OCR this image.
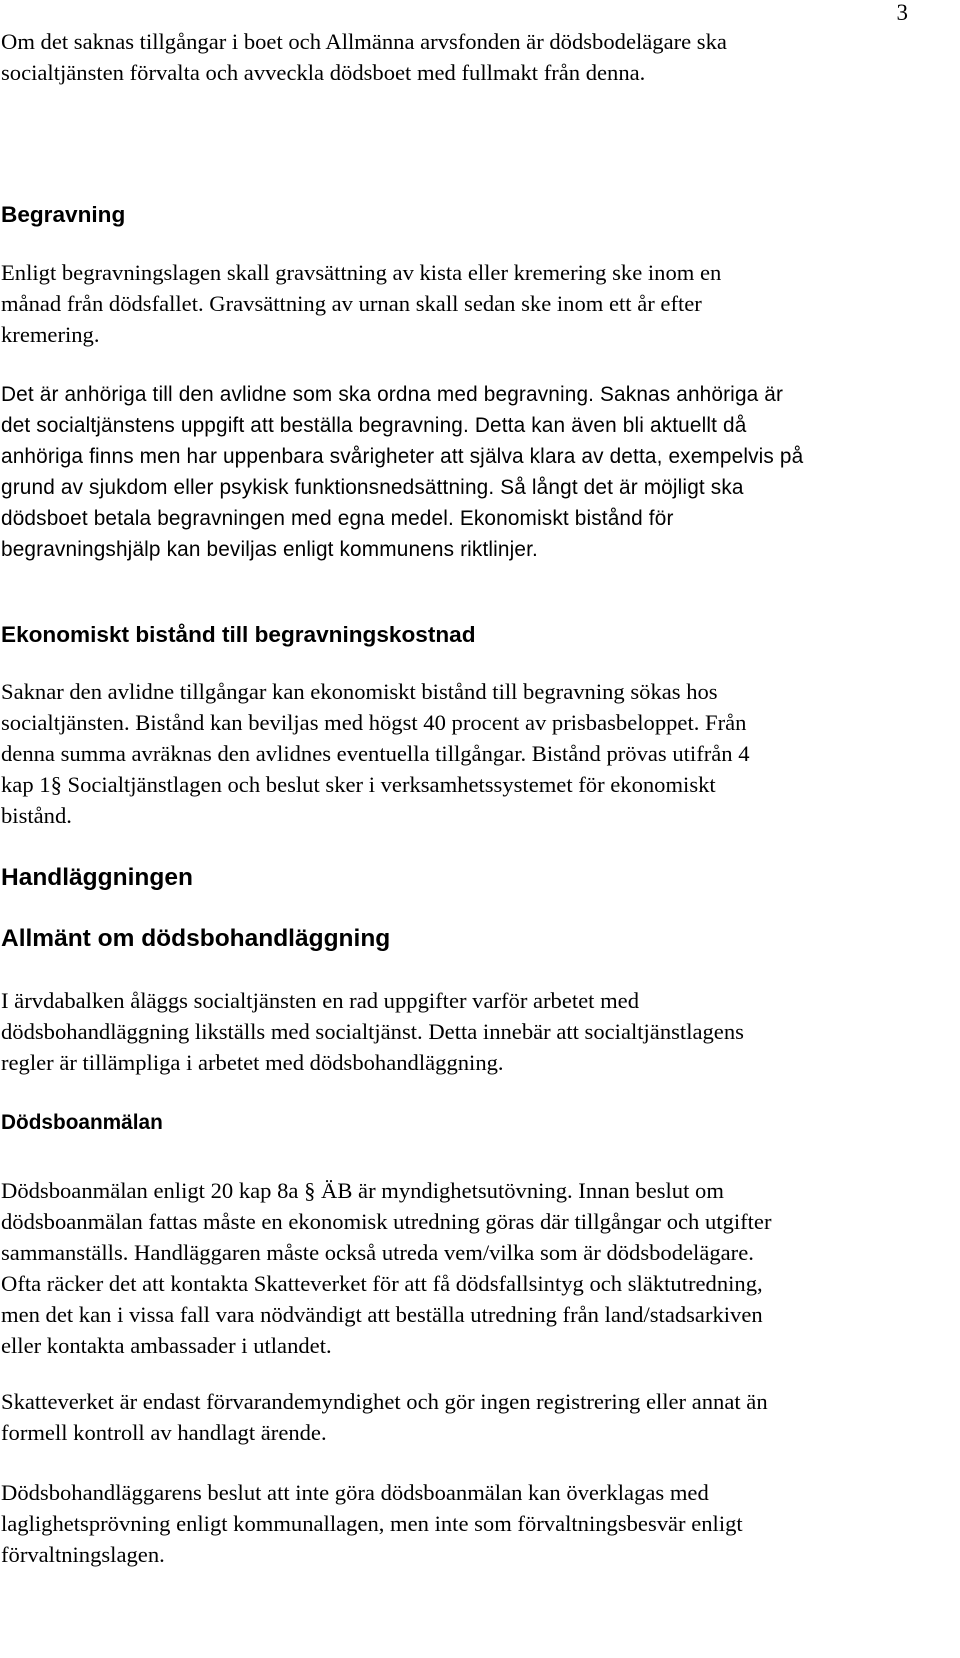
3
Om det saknas tillgångar i boet och Allmänna arvsfonden är dödsbodelägare ska
socialtjänsten förvalta och avveckla dödsboet med fullmakt från denna.
Begravning
Enligt begravningslagen skall gravsättning av kista eller kremering ske inom en
månad från dödsfallet. Gravsättning av urnan skall sedan ske inom ett år efter
kremering.
Det är anhöriga till den avlidne som ska ordna med begravning. Saknas anhöriga är
det socialtjänstens uppgift att beställa begravning. Detta kan även bli aktuellt då
anhöriga finns men har uppenbara svårigheter att själva klara av detta, exempelvis på
grund av sjukdom eller psykisk funktionsnedsättning. Så långt det är möjligt ska
dödsboet betala begravningen med egna medel. Ekonomiskt bistånd för
begravningshjälp kan beviljas enligt kommunens riktlinjer.
Ekonomiskt bistånd till begravningskostnad
Saknar den avlidne tillgångar kan ekonomiskt bistånd till begravning sökas hos
socialtjänsten. Bistånd kan beviljas med högst 40 procent av prisbasbeloppet. Från
denna summa avräknas den avlidnes eventuella tillgångar. Bistånd prövas utifrån 4
kap 1§ Socialtjänstlagen och beslut sker i verksamhetssystemet för ekonomiskt
bistånd.
Handläggningen
Allmänt om dödsbohandläggning
I ärvdabalken åläggs socialtjänsten en rad uppgifter varför arbetet med
dödsbohandläggning likställs med socialtjänst. Detta innebär att socialtjänstlagens
regler är tillämpliga i arbetet med dödsbohandläggning.
Dödsboanmälan
Dödsboanmälan enligt 20 kap 8a § ÄB är myndighetsutövning. Innan beslut om
dödsboanmälan fattas måste en ekonomisk utredning göras där tillgångar och utgifter
sammanställs. Handläggaren måste också utreda vem/vilka som är dödsbodelägare.
Ofta räcker det att kontakta Skatteverket för att få dödsfallsintyg och släktutredning,
men det kan i vissa fall vara nödvändigt att beställa utredning från land/stadsarkiven
eller kontakta ambassader i utlandet.
Skatteverket är endast förvarandemyndighet och gör ingen registrering eller annat än
formell kontroll av handlagt ärende.
Dödsbohandläggarens beslut att inte göra dödsboanmälan kan överklagas med
laglighetsprövning enligt kommunallagen, men inte som förvaltningsbesvär enligt
förvaltningslagen.
